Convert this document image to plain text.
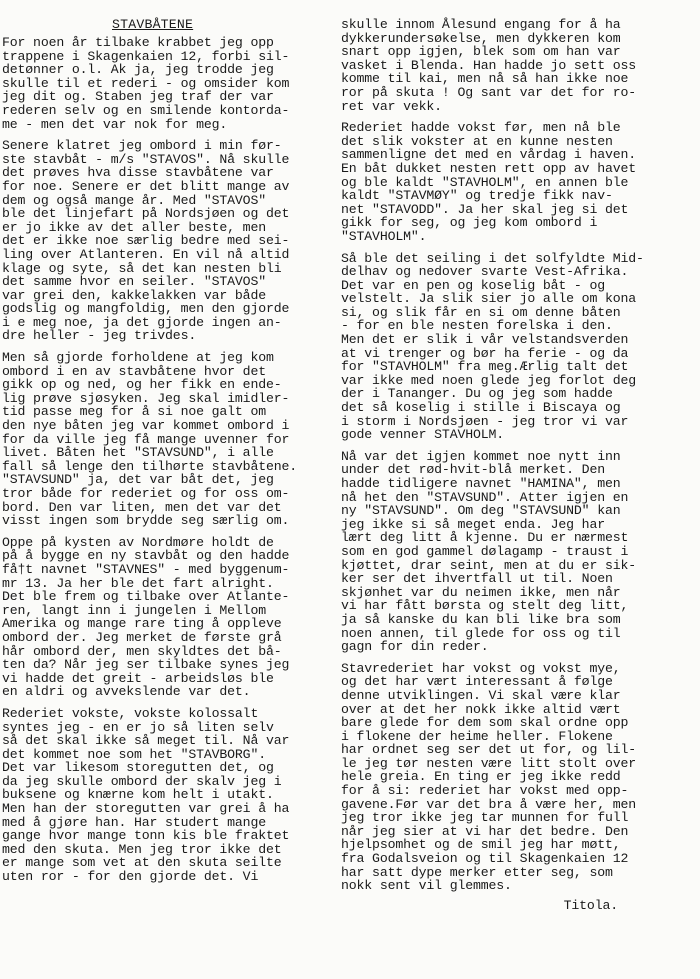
STAVBÅTENE
For noen år tilbake krabbet jeg opp
trappene i Skagenkaien 12, forbi sil-
detønner o.l. Ak ja, jeg trodde jeg
skulle til et rederi - og omsider kom
jeg dit og. Staben jeg traf der var
rederen selv og en smilende kontorda-
me - men det var nok for meg.
Senere klatret jeg ombord i min før-
ste stavbåt - m/s "STAVOS". Nå skulle
det prøves hva disse stavbåtene var
for noe. Senere er det blitt mange av
dem og også mange år. Med "STAVOS"
ble det linjefart på Nordsjøen og det
er jo ikke av det aller beste, men
det er ikke noe særlig bedre med sei-
ling over Atlanteren. En vil nå altid
klage og syte, så det kan nesten bli
det samme hvor en seiler. "STAVOS"
var grei den, kakkelakken var både
godslig og mangfoldig, men den gjorde
i e meg noe, ja det gjorde ingen an-
dre heller - jeg trivdes.
Men så gjorde forholdene at jeg kom
ombord i en av stavbåtene hvor det
gikk op og ned, og her fikk en endе-
lig prøve sjøsyken. Jeg skal imidler-
tid passe meg for å si noe galt om
den nye båten jeg var kommet ombord i
for da ville jeg få mange uvenner for
livet. Båten het "STAVSUND", i alle
fall så lenge den tilhørte stavbåtene.
"STAVSUND" ja, det var båt det, jeg
tror både for rederiet og for oss om-
bord. Den var liten, men det var det
visst ingen som brydde seg særlig om.
Oppe på kysten av Nordmøre holdt de
på å bygge en ny stavbåt og den hadde
få†t navnet "STAVNES" - med byggenum-
mr 13. Ja her ble det fart alright.
Det ble frem og tilbake over Atlante-
ren, langt inn i jungelen i Mellom
Amerika og mange rare ting å oppleve
ombord der. Jeg merket de første grå
hår ombord der, men skyldtes det bå-
ten da? Når jeg ser tilbake synes jeg
vi hadde det greit - arbeidsløs ble
en aldri og avvekslende var det.
Rederiet vokste, vokste kolossalt
syntes jeg - en er jo så liten selv
så det skal ikke så meget til. Nå var
det kommet noe som het "STAVBORG".
Det var likesom storegutten det, og
da jeg skulle ombord der skalv jeg i
buksene og knærne kom helt i utakt.
Men han der storegutten var grei å ha
med å gjøre han. Har studert mange
gange hvor mange tonn kis ble fraktet
med den skuta. Men jeg tror ikke det
er mange som vet at den skuta seilte
uten ror - for den gjorde det. Vi
skulle innom Ålesund engang for å ha
dykkerundersøkelse, men dykkeren kom
snart opp igjen, blek som om han var
vasket i Blenda. Han hadde jo sett oss
komme til kai, men nå så han ikke noe
ror på skuta ! Og sant var det for ro-
ret var vekk.
Rederiet hadde vokst før, men nå ble
det slik vokster at en kunne nesten
sammenligne det med en vårdag i haven.
En båt dukket nesten rett opp av havet
og ble kaldt "STAVHOLM", en annen ble
kaldt "STAVMØY" og tredje fikk nav-
net "STAVODD". Ja her skal jeg si det
gikk for seg, og jeg kom ombord i
"STAVHOLM".
Så ble det seiling i det solfyldte Mid-
delhav og nedover svarte Vest-Afrika.
Det var en pen og koselig båt - og
velstelt. Ja slik sier jo alle om kona
si, og slik får en si om denne båten
- for en ble nesten forelska i den.
Men det er slik i vår velstandsverden
at vi trenger og bør ha ferie - og da
for "STAVHOLM" fra meg.Ærlig talt det
var ikke med noen glede jeg forlot deg
der i Tananger. Du og jeg som hadde
det så koselig i stille i Biscaya og
i storm i Nordsjøen - jeg tror vi var
gode venner STAVHOLM.
Nå var det igjen kommet noe nytt inn
under det rød-hvit-blå merket. Den
hadde tidligere navnet "HAMINA", men
nå het den "STAVSUND". Atter igjen en
ny "STAVSUND". Om deg "STAVSUND" kan
jeg ikke si så meget enda. Jeg har
lært deg litt å kjenne. Du er nærmest
som en god gammel dølagamp - traust i
kjøttet, drar seint, men at du er sik-
ker ser det ihvertfall ut til. Noen
skjønhet var du neimen ikke, men når
vi har fått børsta og stelt deg litt,
ja så kanske du kan bli like bra som
noen annen, til glede for oss og til
gagn for din reder.
Stavrederiet har vokst og vokst mye,
og det har vært interessant å følge
denne utviklingen. Vi skal være klar
over at det her nokk ikke altid vært
bare glede for dem som skal ordne opp
i flokene der heime heller. Flokene
har ordnet seg ser det ut for, og lil-
le jeg tør nesten være litt stolt over
hele greia. En ting er jeg ikke redd
for å si: rederiet har vokst med opp-
gavene.Før var det bra å være her, men
jeg tror ikke jeg tar munnen for full
når jeg sier at vi har det bedre. Den
hjelpsomhet og de smil jeg har møtt,
fra Godalsveion og til Skagenkaien 12
har satt dype merker etter seg, som
nokk sent vil glemmes.
Titola.
